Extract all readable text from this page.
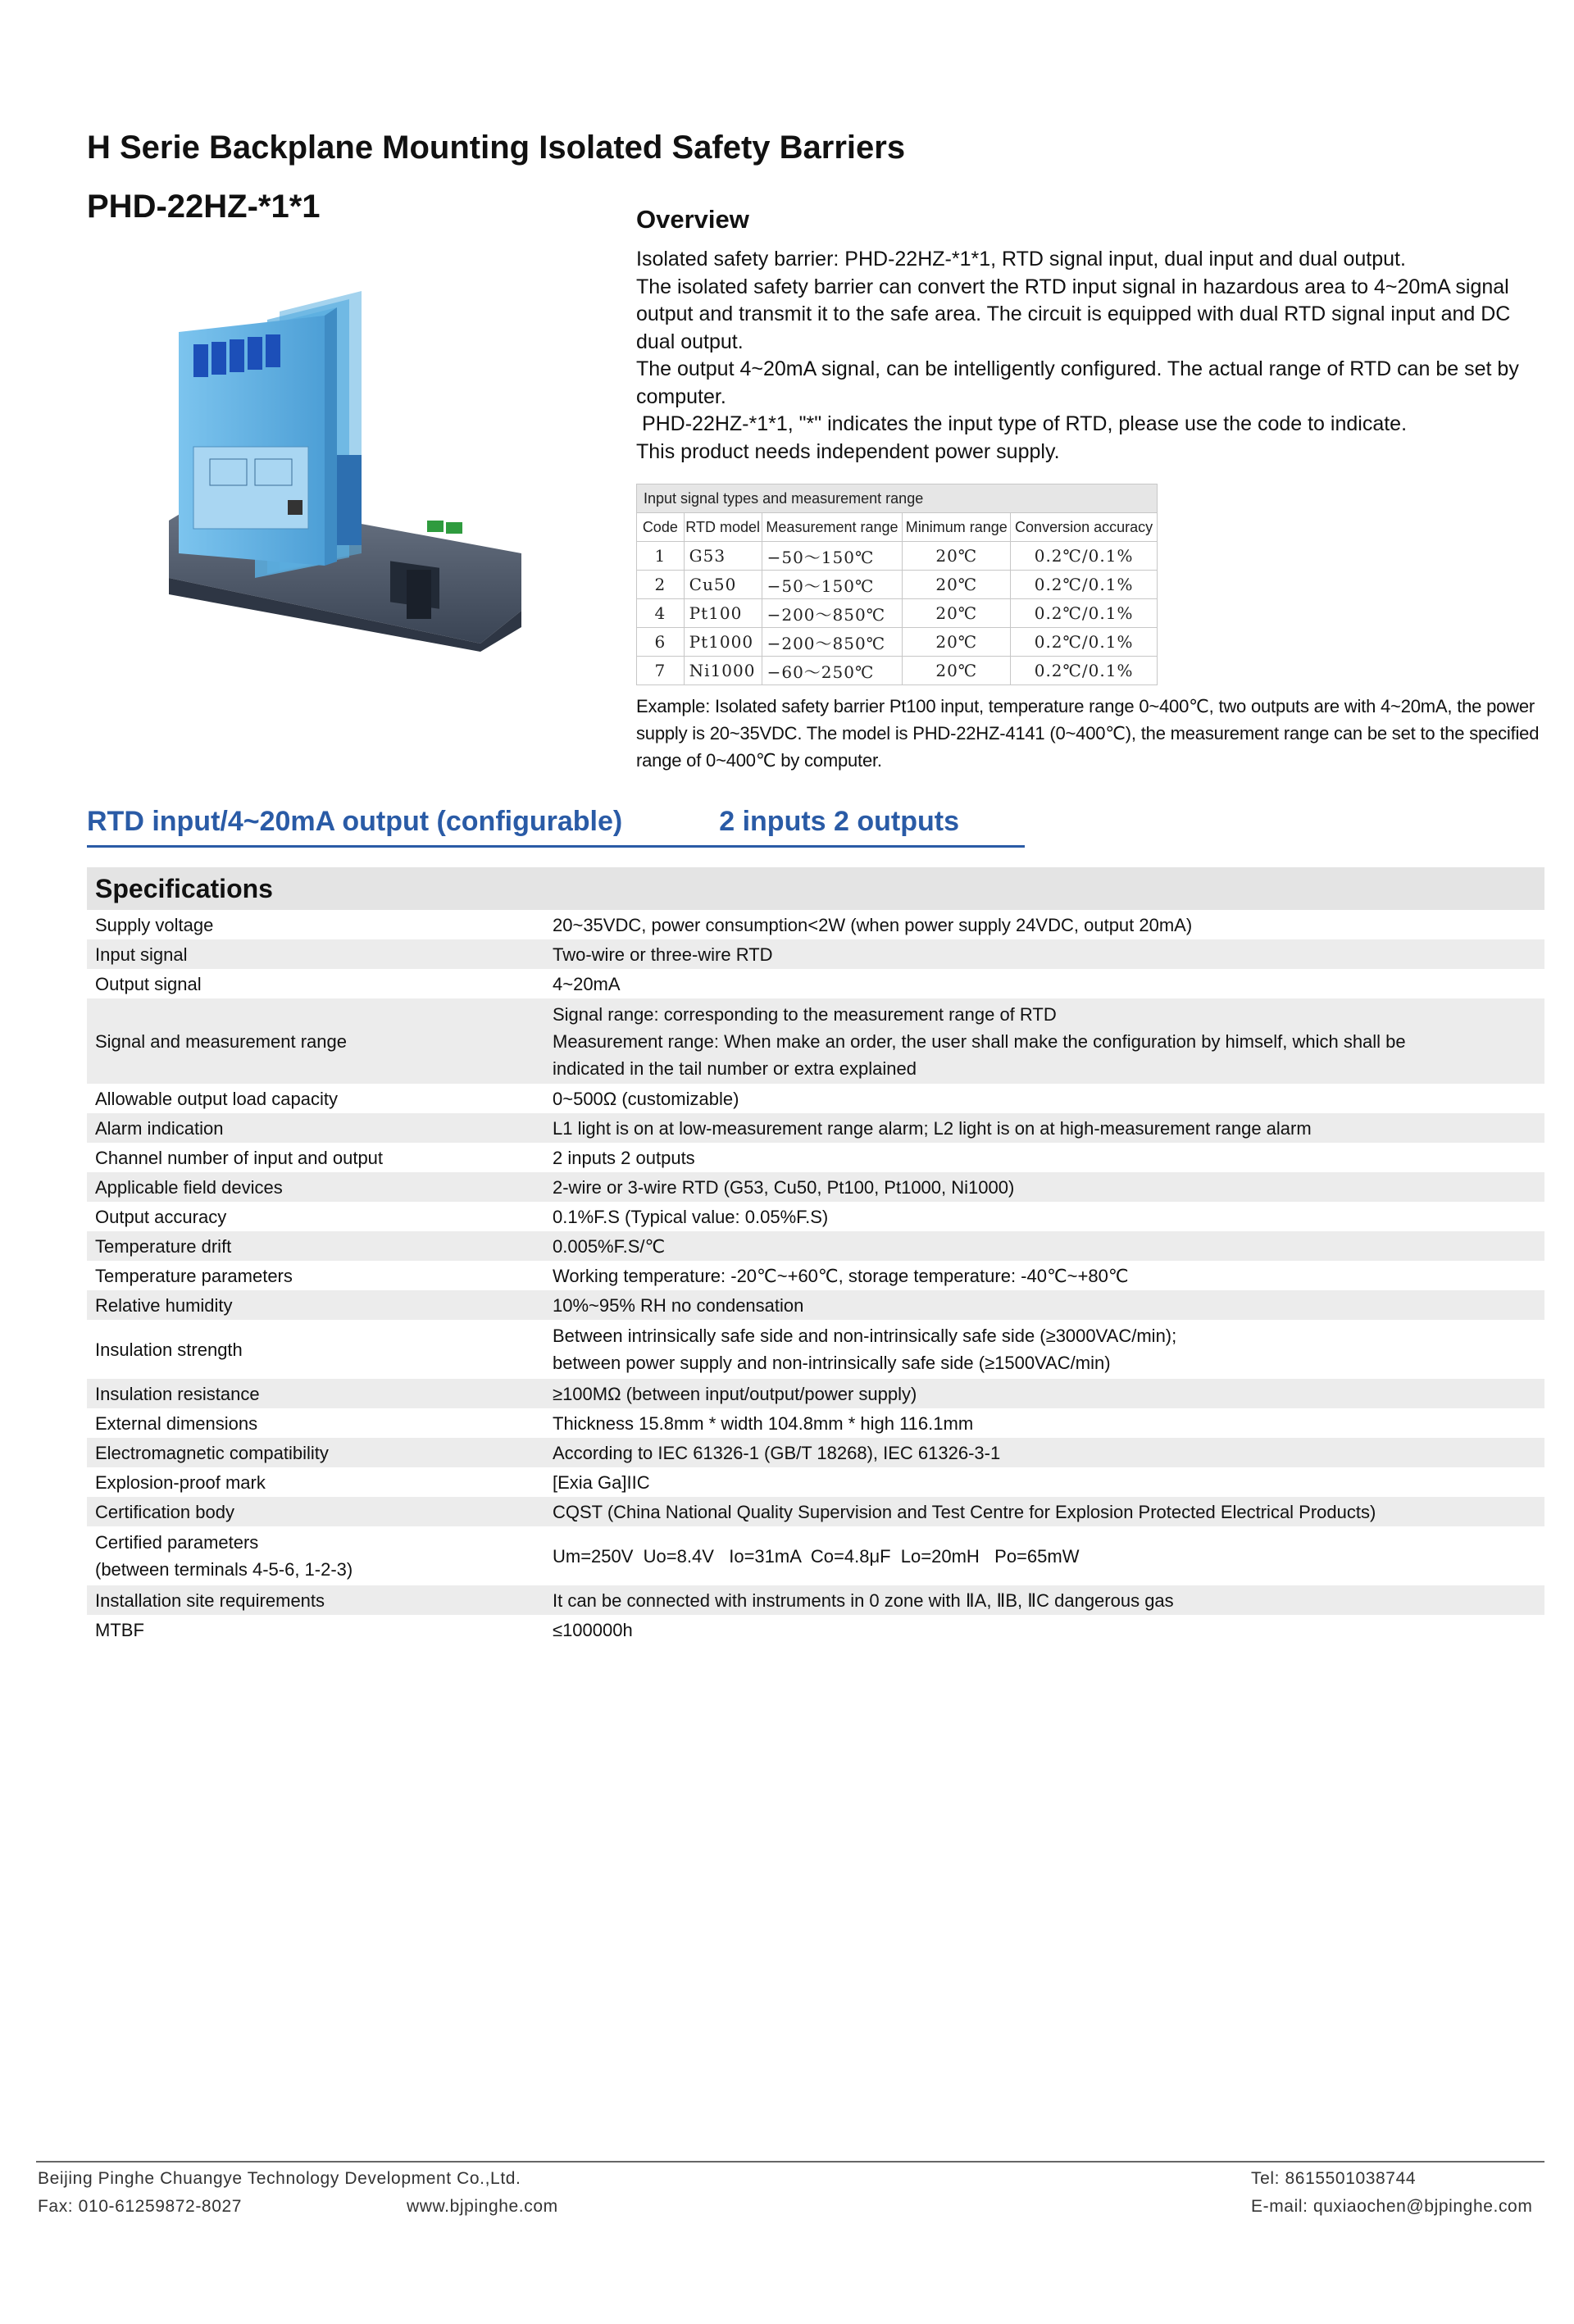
H Serie Backplane Mounting Isolated Safety Barriers
PHD-22HZ-*1*1	Overview

Isolated safety barrier: PHD-22HZ-*1*1, RTD signal input, dual input and dual output.

The isolated safety barrier can convert the RTD input signal in hazardous area to 4~20mA signal output and transmit it to the safe area. The circuit is equipped with dual RTD signal input and DC dual output.

The output 4~20mA signal, can be intelligently configured. The actual range of RTD can be set by computer.

PHD-22HZ-*1*1, "*" indicates the input type of RTD, please use the code to indicate.

This product needs independent power supply.

Input signal types and measurement range				
Code	RTD model	Measurement range	Minimum range	Conversion accuracy
1	G53	−50～150℃	20℃	0.2℃/0.1%
2	Cu50	−50～150℃	20℃	0.2℃/0.1%
4	Pt100	−200～850℃	20℃	0.2℃/0.1%
6	Pt1000	−200～850℃	20℃	0.2℃/0.1%
7	Ni1000	−60～250℃	20℃	0.2℃/0.1%
Example: Isolated safety barrier Pt100 input, temperature range 0~400℃, two outputs are with 4~20mA, the power supply is 20~35VDC. The model is PHD-22HZ-4141 (0~400℃), the measurement range can be set to the specified range of 0~400℃ by computer.
RTD input/4~20mA output (configurable)	2 inputs 2 outputs
Specifications	

Supply voltage	20~35VDC, power consumption<2W (when power supply 24VDC, output 20mA)

Input signal	Two-wire or three-wire RTD

Output signal	4~20mA

Signal and measurement range	Signal range: corresponding to the measurement range of RTD
Measurement range: When make an order, the user shall make the configuration by himself, which shall be
indicated in the tail number or extra explained

Allowable output load capacity	0~500Ω (customizable)

Alarm indication	L1 light is on at low-measurement range alarm; L2 light is on at high-measurement range alarm

Channel number of input and output	2 inputs 2 outputs

Applicable field devices	2-wire or 3-wire RTD (G53, Cu50, Pt100, Pt1000, Ni1000)

Output accuracy	0.1%F.S (Typical value: 0.05%F.S)

Temperature drift	0.005%F.S/℃

Temperature parameters	Working temperature: -20℃~+60℃, storage temperature: -40℃~+80℃

Relative humidity	10%~95% RH no condensation

Insulation strength	Between intrinsically safe side and non-intrinsically safe side (≥3000VAC/min);
between power supply and non-intrinsically safe side (≥1500VAC/min)

Insulation resistance	≥100MΩ (between input/output/power supply)

External dimensions	Thickness 15.8mm * width 104.8mm * high 116.1mm

Electromagnetic compatibility	According to IEC 61326-1 (GB/T 18268), IEC 61326-3-1

Explosion-proof mark	[Exia Ga]IIC

Certification body	CQST (China National Quality Supervision and Test Centre for Explosion Protected Electrical Products)

Certified parameters
(between terminals 4-5-6, 1-2-3)	Um=250V  Uo=8.4V   Io=31mA  Co=4.8μF  Lo=20mH   Po=65mW

Installation site requirements	It can be connected with instruments in 0 zone with ⅡA, ⅡB, ⅡC dangerous gas

MTBF	≤100000h
Beijing Pinghe Chuangye Technology Development Co.,Ltd.
Fax: 010-61259872-8027	www.bjpinghe.com
Tel: 8615501038744
E-mail: quxiaochen@bjpinghe.com
